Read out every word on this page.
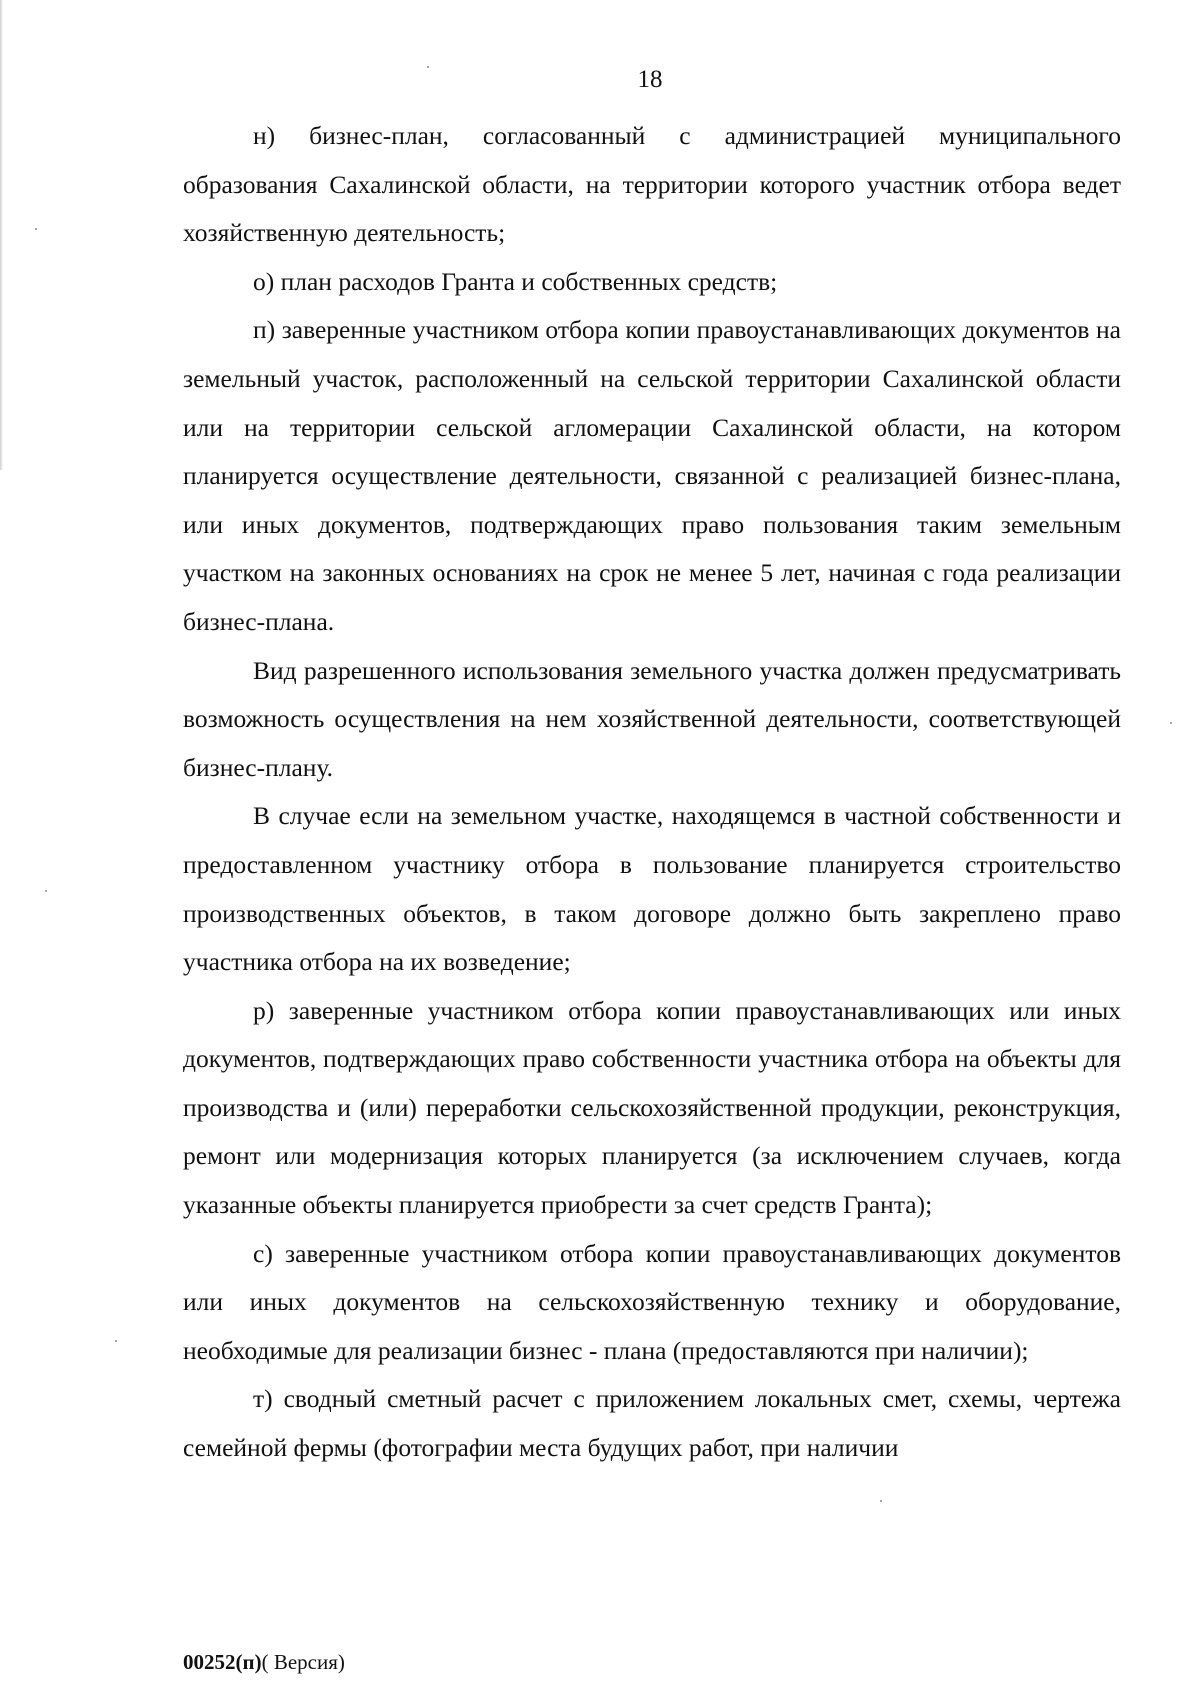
18

н) бизнес-план, согласованный с администрацией муниципального образования Сахалинской области, на территории которого участник отбора ведет хозяйственную деятельность;

о) план расходов Гранта и собственных средств;

п) заверенные участником отбора копии правоустанавливающих документов на земельный участок, расположенный на сельской территории Сахалинской области или на территории сельской агломерации Сахалинской области, на котором планируется осуществление деятельности, связанной с реализацией бизнес-плана, или иных документов, подтверждающих право пользования таким земельным участком на законных основаниях на срок не менее 5 лет, начиная с года реализации бизнес-плана.

Вид разрешенного использования земельного участка должен предусматривать возможность осуществления на нем хозяйственной деятельности, соответствующей бизнес-плану.

В случае если на земельном участке, находящемся в частной собственности и предоставленном участнику отбора в пользование планируется строительство производственных объектов, в таком договоре должно быть закреплено право участника отбора на их возведение;

р) заверенные участником отбора копии правоустанавливающих или иных документов, подтверждающих право собственности участника отбора на объекты для производства и (или) переработки сельскохозяйственной продукции, реконструкция, ремонт или модернизация которых планируется (за исключением случаев, когда указанные объекты планируется приобрести за счет средств Гранта);

с) заверенные участником отбора копии правоустанавливающих документов или иных документов на сельскохозяйственную технику и оборудование, необходимые для реализации бизнес - плана (предоставляются при наличии);

т) сводный сметный расчет с приложением локальных смет, схемы, чертежа семейной фермы (фотографии места будущих работ, при наличии

00252(п)( Версия)
